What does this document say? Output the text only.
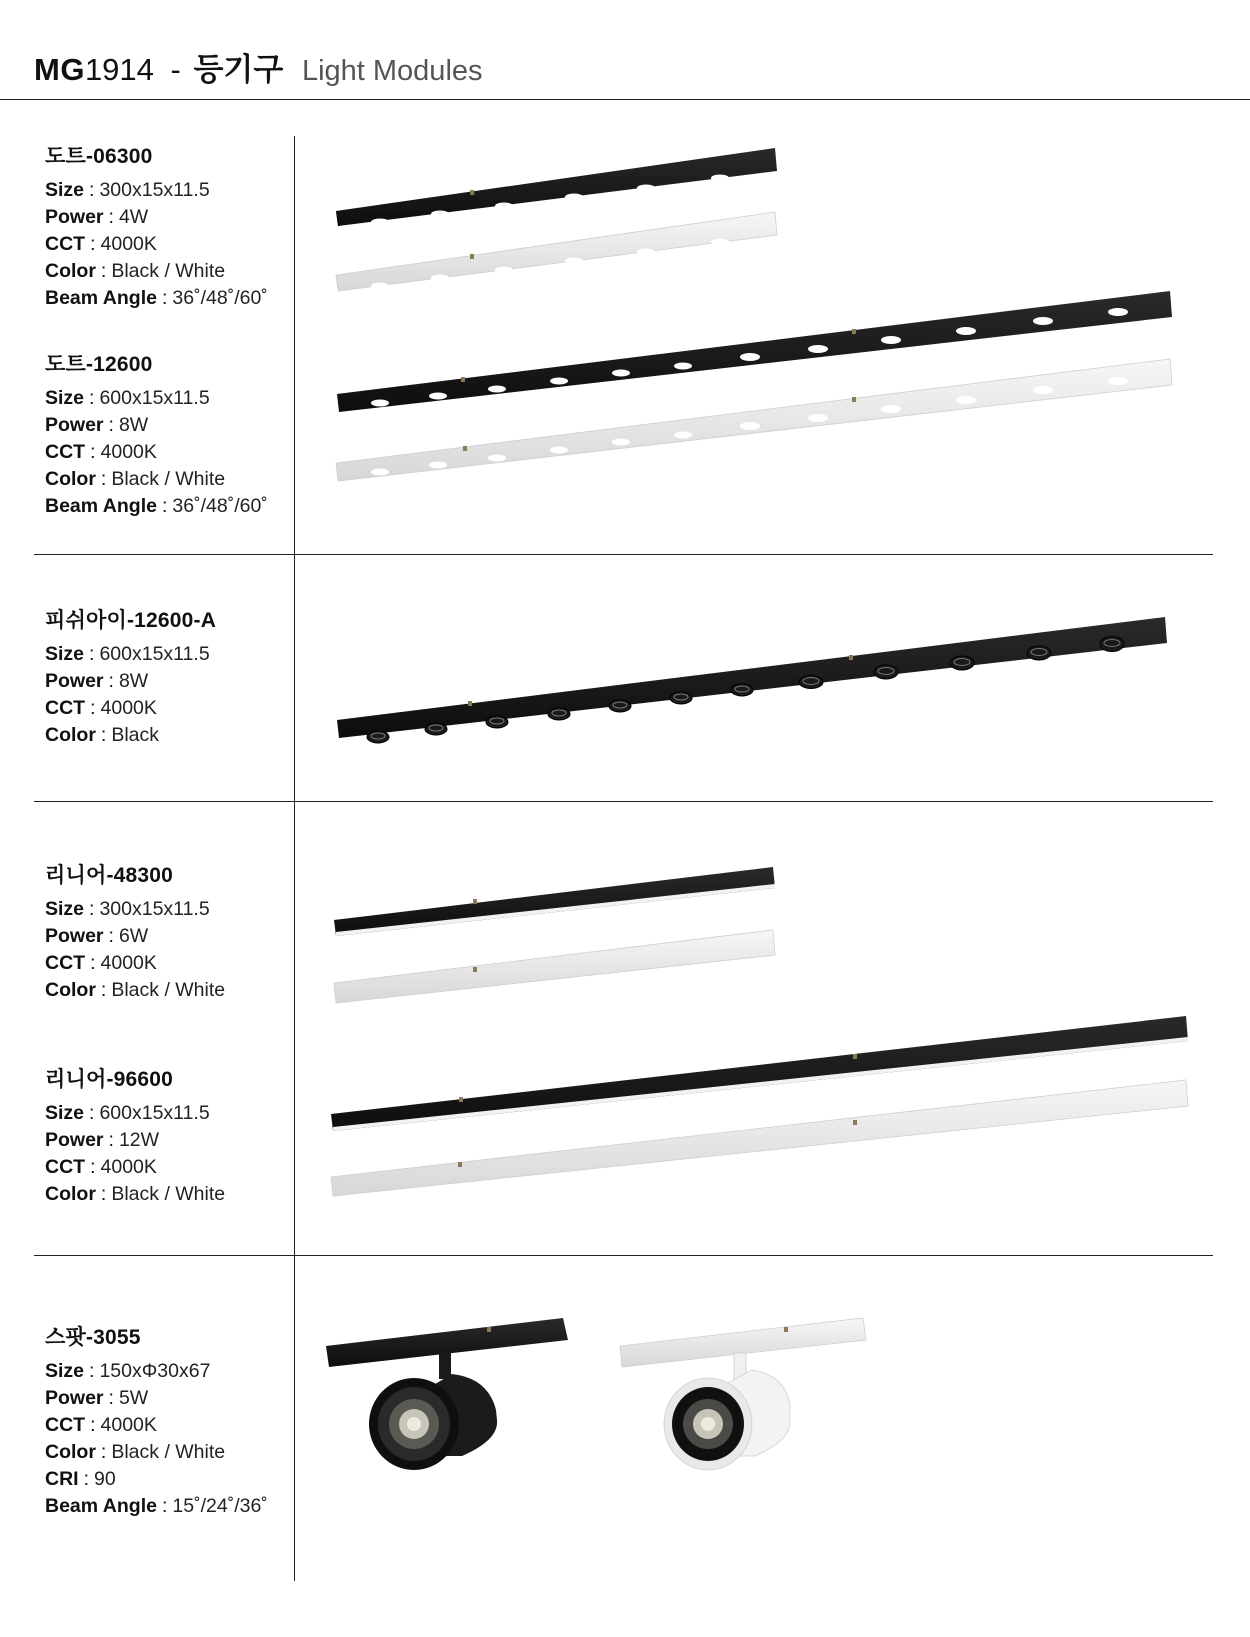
MG1914 - 등기구 Light Modules
도트-06300
Size : 300x15x11.5
Power : 4W
CCT : 4000K
Color : Black / White
Beam Angle : 36˚/48˚/60˚
도트-12600
Size : 600x15x11.5
Power : 8W
CCT : 4000K
Color : Black / White
Beam Angle : 36˚/48˚/60˚
피쉬아이-12600-A
Size : 600x15x11.5
Power : 8W
CCT : 4000K
Color : Black
리니어-48300
Size : 300x15x11.5
Power : 6W
CCT : 4000K
Color : Black / White
리니어-96600
Size : 600x15x11.5
Power : 12W
CCT : 4000K
Color : Black / White
스팟-3055
Size : 150xΦ30x67
Power : 5W
CCT : 4000K
Color : Black / White
CRI : 90
Beam Angle : 15˚/24˚/36˚
